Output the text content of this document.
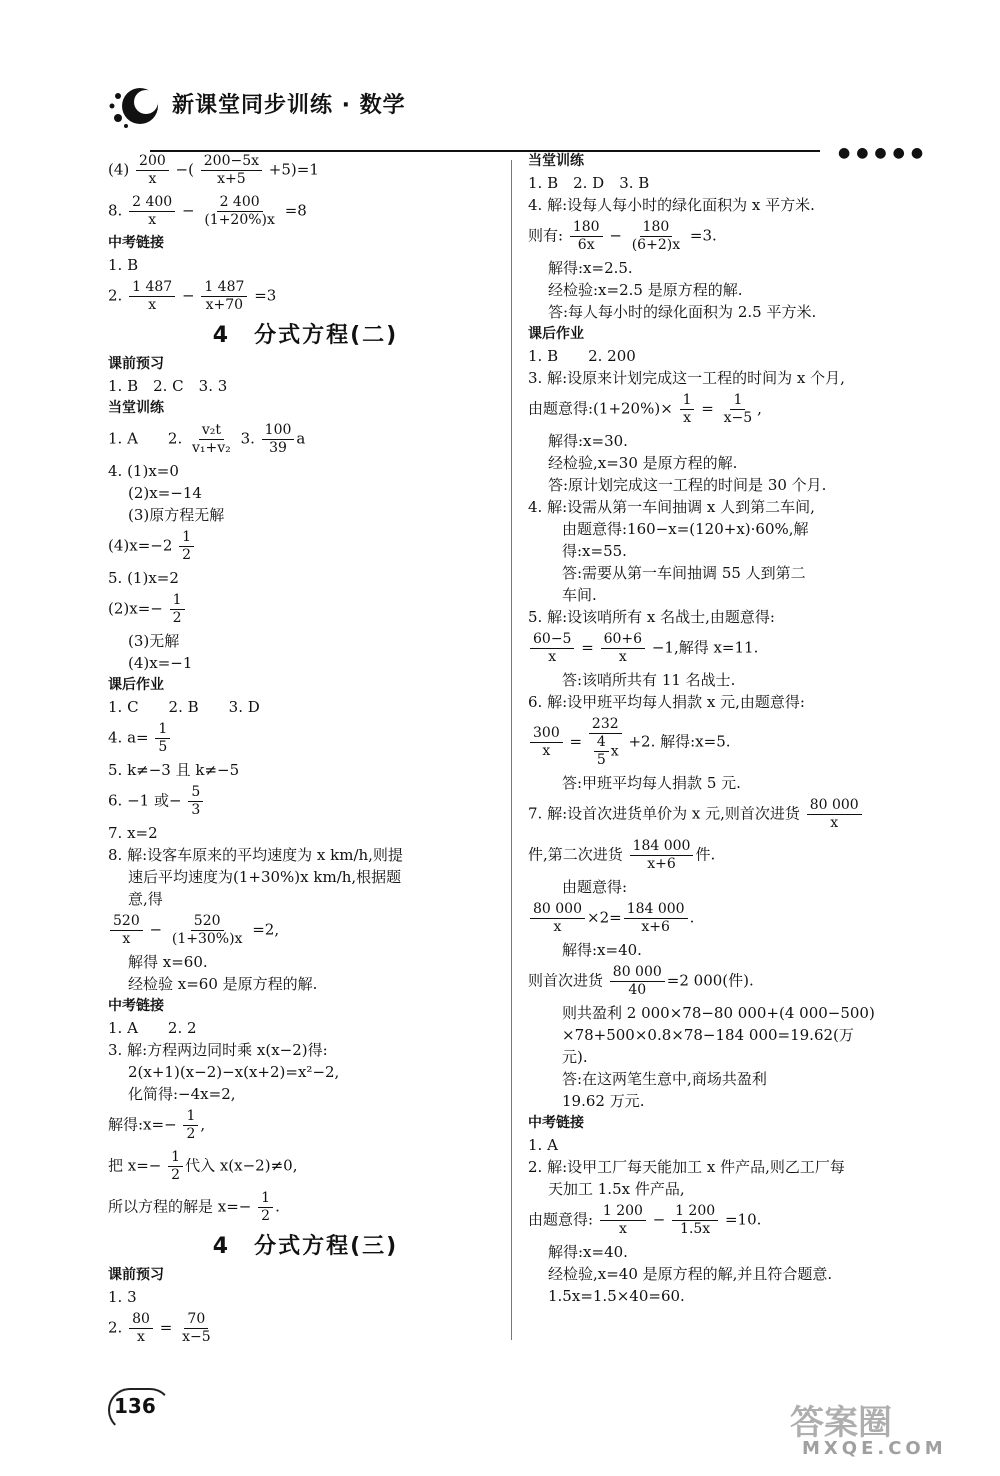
新课堂同步训练 · 数学
●●●●●
$(4) \frac{200}{x}$ −( $\frac{200-5x}{x+5} +5)=1$
8. $\frac{2 400}{x} - \frac{2 400}{(1+20\%)x} =8$
中考链接
1. B
2. $\frac{1 487}{x} - \frac{1 487}{x+70} =3$
4　分式方程(二)
课前预习
1. B　2. C　3. 3
当堂训练
1. A　　2. $\frac{\text{v₂t}}{\text{v₁+v₂}} 3$. $\frac{100}{39}$ a
4. (1)x=0
(2)x=−14
(3)原方程无解
$(4)x=-2 \frac{1}{2}$
5. (1)x=2
$(2)x=- \frac{1}{2}$
(3)无解
(4)x=−1
课后作业
1. C　　2. B　　3. D
4. $a= \frac{1}{5}$
5. k≠−3 且 k≠−5
6. −1 或− $\frac{5}{3}$
7. x=2
8. 解:设客车原来的平均速度为 x km/h,则提
速后平均速度为(1+30%)x km/h,根据题
意,得
$\frac{520}{x} - \frac{520}{(1+30\%)x} =2$,
解得 x=60.
经检验 x=60 是原方程的解.
中考链接
1. A　　2. 2
3. 解:方程两边同时乘 x(x−2)得:
2(x+1)(x−2)−x(x+2)=x²−2,
化简得:−4x=2,
解得:x=− $\frac{1}{2}$ ,
把 $x=- \frac{1}{2}$ 代入 x(x−2)≠0,
所以方程的解是 $x=- \frac{1}{2}$ .
4　分式方程(三)
课前预习
1. 3
2. $\frac{80}{x} = \frac{70}{x-5}$
当堂训练
1. B　2. D　3. B
4. 解:设每人每小时的绿化面积为 x 平方米.
则有: $\frac{180}{6x} - \frac{180}{(6+2)x} =3$.
解得:x=2.5.
经检验:x=2.5 是原方程的解.
答:每人每小时的绿化面积为 2.5 平方米.
课后作业
1. B　　2. 200
3. 解:设原来计划完成这一工程的时间为 x 个月,
由题意得:(1+20%)× $\frac{1}{x} = \frac{1}{x-5}$ ,
解得:x=30.
经检验,x=30 是原方程的解.
答:原计划完成这一工程的时间是 30 个月.
4. 解:设需从第一车间抽调 x 人到第二车间,
由题意得:160−x=(120+x)·60%,解
得:x=55.
答:需要从第一车间抽调 55 人到第二
车间.
5. 解:设该哨所有 x 名战士,由题意得:
$\frac{60-5}{x} = \frac{60+6}{x} -1$,解得 x=11.
答:该哨所共有 11 名战士.
6. 解:设甲班平均每人捐款 x 元,由题意得:
$\frac{300}{x} = \frac{232}{\frac{4}{5} x} +2$. 解得:x=5.
答:甲班平均每人捐款 5 元.
7. 解:设首次进货单价为 x 元,则首次进货 $\frac{80 000}{x}$
件,第二次进货 $\frac{184 000}{x+6}$ 件.
由题意得:
$\frac{80 000}{x} \times 2= \frac{184 000}{x+6}$ .
解得:x=40.
则首次进货 $\frac{80 000}{40} =2$ 000(件).
则共盈利 2 000×78−80 000+(4 000−500)
×78+500×0.8×78−184 000=19.62(万
元).
答:在这两笔生意中,商场共盈利
19.62 万元.
中考链接
1. A
2. 解:设甲工厂每天能加工 x 件产品,则乙工厂每
天加工 1.5x 件产品,
由题意得: $\frac{1 200}{x} - \frac{1 200}{1.5x} =10$.
解得:x=40.
经检验,x=40 是原方程的解,并且符合题意.
1.5x=1.5×40=60.
136	答案圈
MXQE.COM
